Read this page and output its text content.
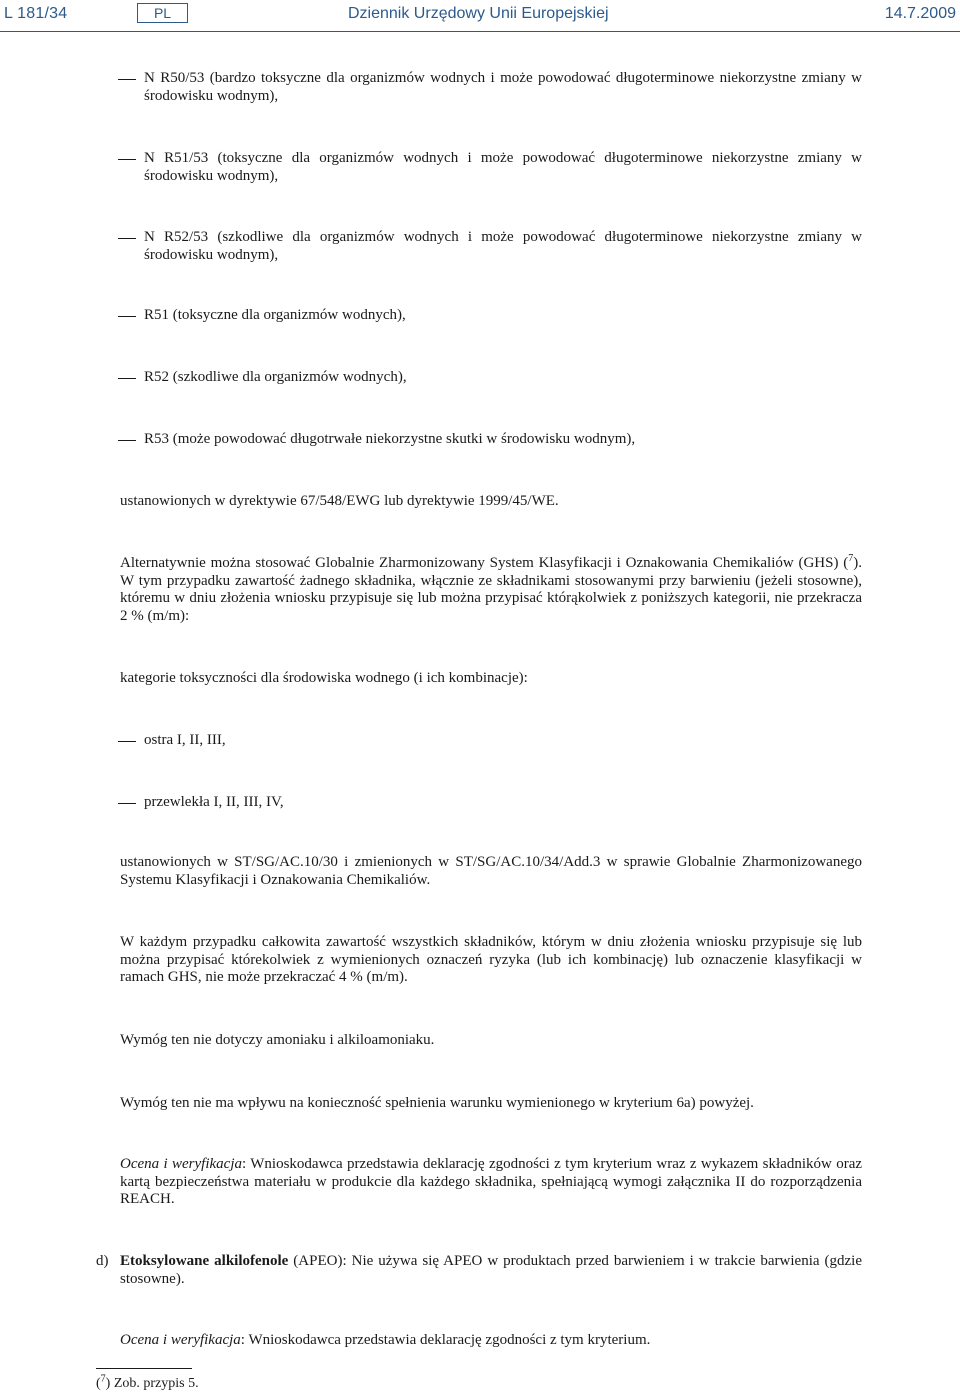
L 181/34	PL	Dziennik Urzędowy Unii Europejskiej	14.7.2009
N R50/53 (bardzo toksyczne dla organizmów wodnych i może powodować długoterminowe niekorzystne zmiany w środowisku wodnym),
N R51/53 (toksyczne dla organizmów wodnych i może powodować długoterminowe niekorzystne zmiany w środowisku wodnym),
N R52/53 (szkodliwe dla organizmów wodnych i może powodować długoterminowe niekorzystne zmiany w środowisku wodnym),
R51 (toksyczne dla organizmów wodnych),
R52 (szkodliwe dla organizmów wodnych),
R53 (może powodować długotrwałe niekorzystne skutki w środowisku wodnym),
ustanowionych w dyrektywie 67/548/EWG lub dyrektywie 1999/45/WE.
Alternatywnie można stosować Globalnie Zharmonizowany System Klasyfikacji i Oznakowania Chemikaliów (GHS) ($^7$). W tym przypadku zawartość żadnego składnika, włącznie ze składnikami stosowanymi przy barwieniu (jeżeli stosowne), któremu w dniu złożenia wniosku przypisuje się lub można przypisać którąkolwiek z poniższych kategorii, nie przekracza 2 % (m/m):
kategorie toksyczności dla środowiska wodnego (i ich kombinacje):
ostra I, II, III,
przewlekła I, II, III, IV,
ustanowionych w ST/SG/AC.10/30 i zmienionych w ST/SG/AC.10/34/Add.3 w sprawie Globalnie Zharmonizowanego Systemu Klasyfikacji i Oznakowania Chemikaliów.
W każdym przypadku całkowita zawartość wszystkich składników, którym w dniu złożenia wniosku przypisuje się lub można przypisać którekolwiek z wymienionych oznaczeń ryzyka (lub ich kombinację) lub oznaczenie klasyfikacji w ramach GHS, nie może przekraczać 4 % (m/m).
Wymóg ten nie dotyczy amoniaku i alkiloamoniaku.
Wymóg ten nie ma wpływu na konieczność spełnienia warunku wymienionego w kryterium 6a) powyżej.
Ocena i weryfikacja: Wnioskodawca przedstawia deklarację zgodności z tym kryterium wraz z wykazem składników oraz kartą bezpieczeństwa materiału w produkcie dla każdego składnika, spełniającą wymogi załącznika II do rozporządzenia REACH.
d) Etoksylowane alkilofenole (APEO): Nie używa się APEO w produktach przed barwieniem i w trakcie barwienia (gdzie stosowne).
Ocena i weryfikacja: Wnioskodawca przedstawia deklarację zgodności z tym kryterium.
($^7$) Zob. przypis 5.
